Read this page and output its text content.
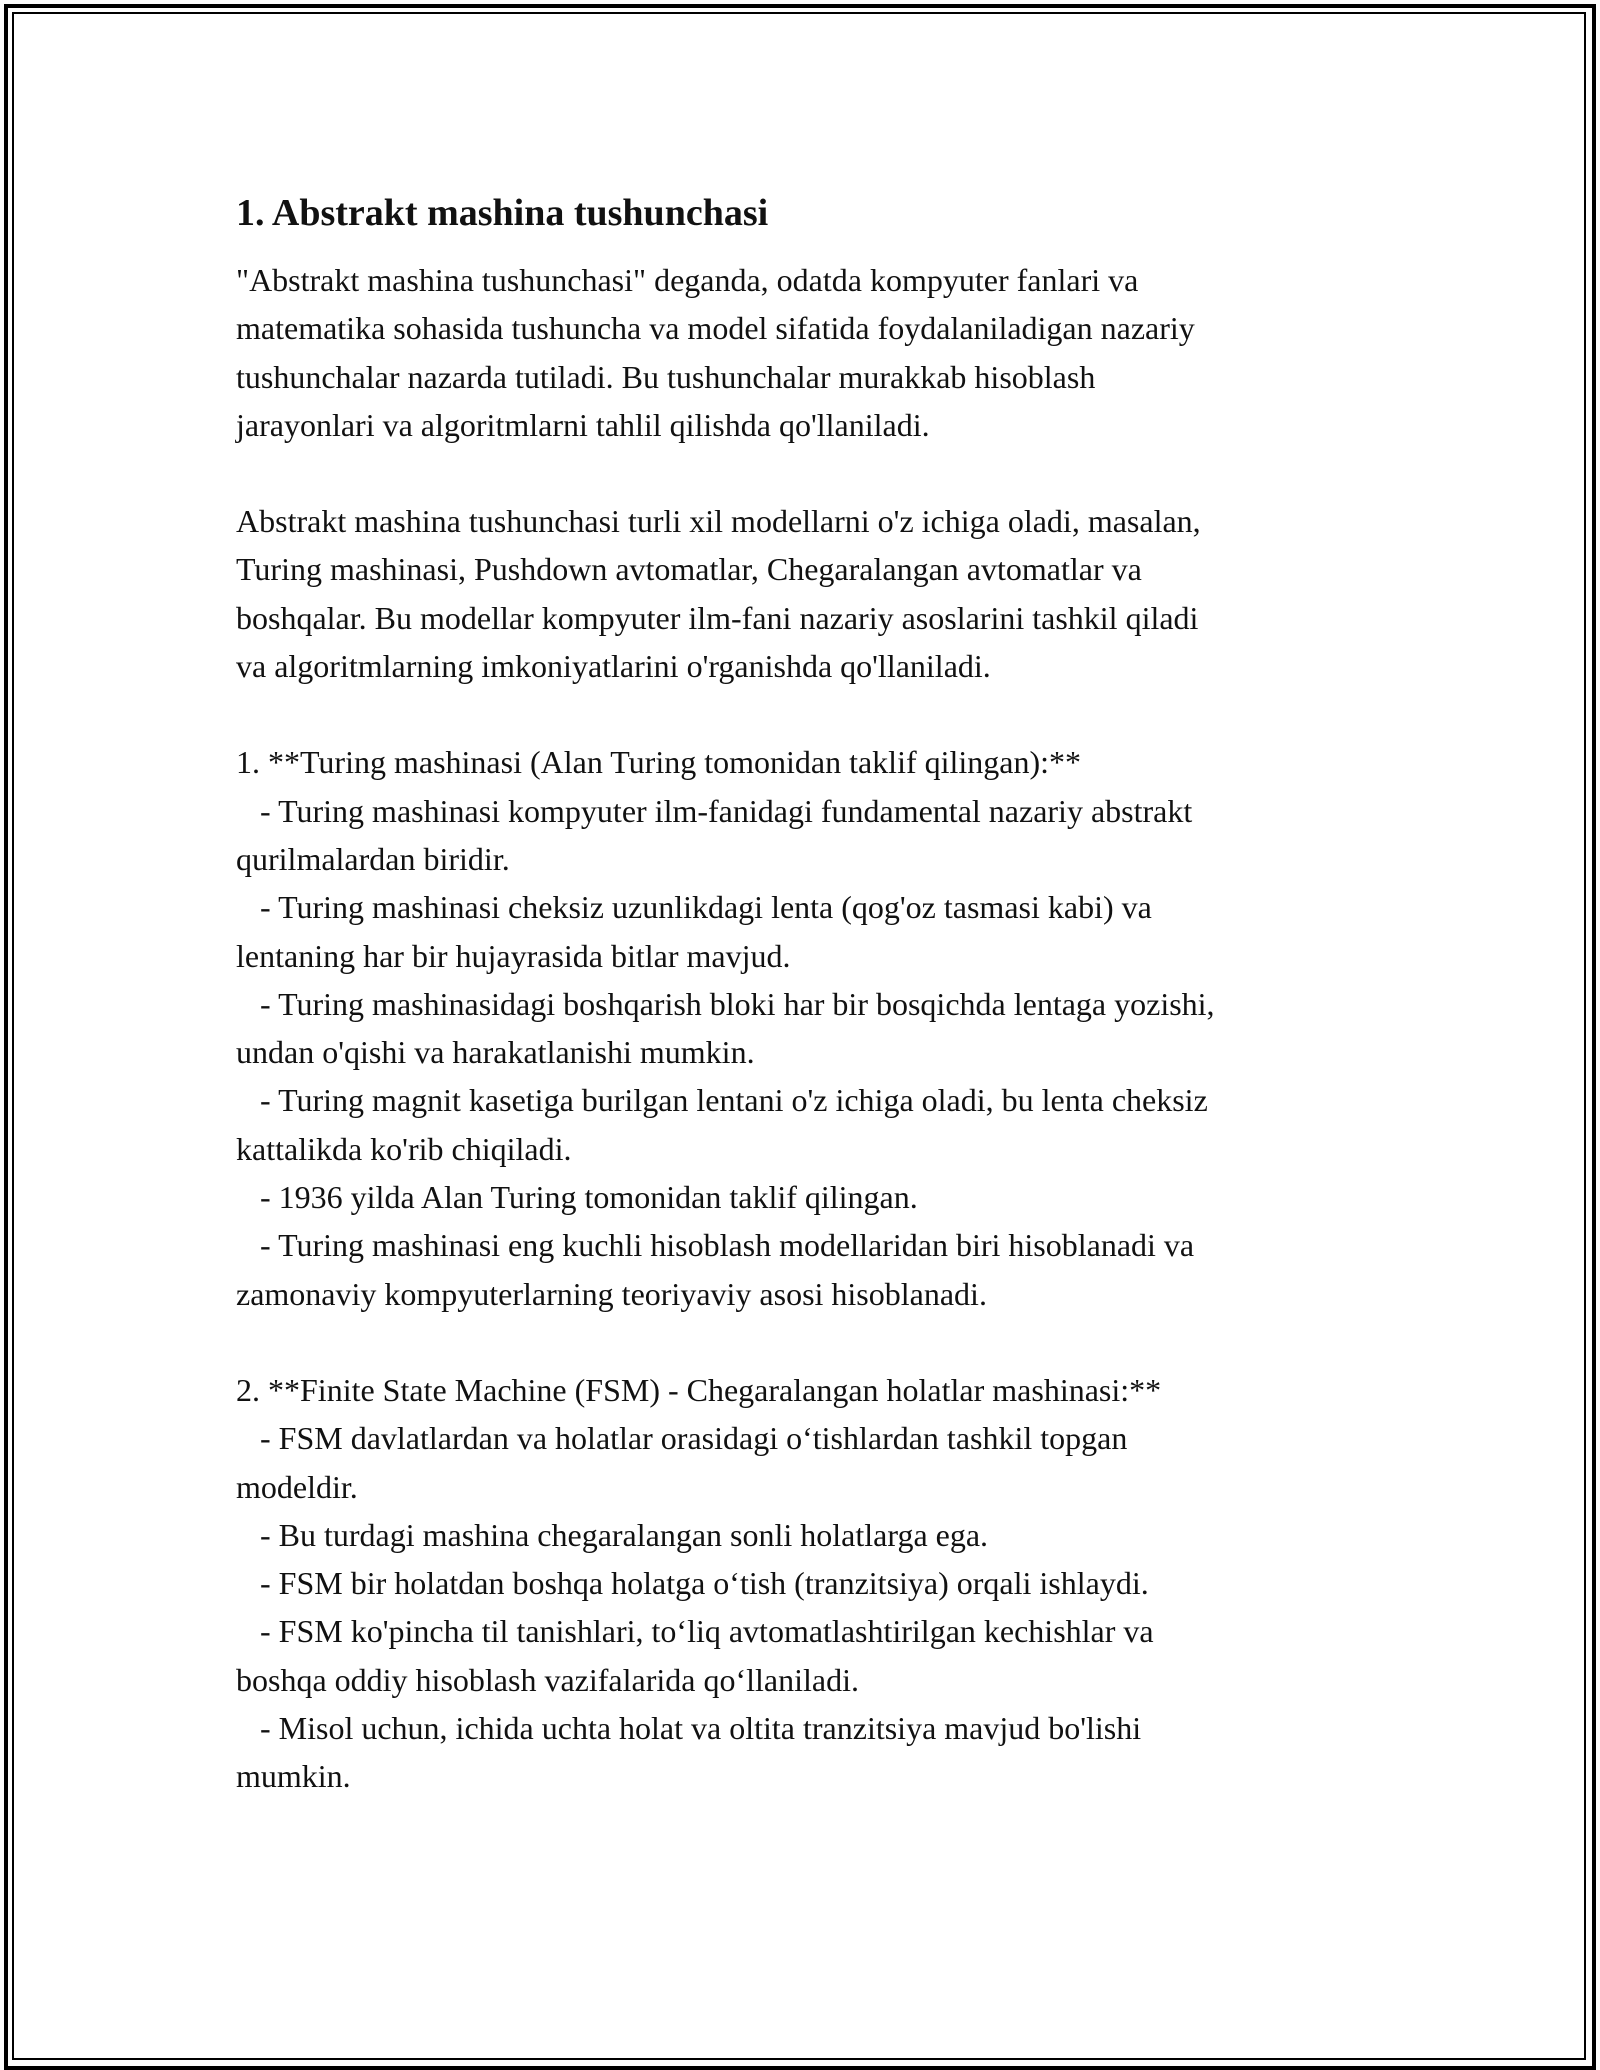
1. Abstrakt mashina tushunchasi

"Abstrakt mashina tushunchasi" deganda, odatda kompyuter fanlari va
matematika sohasida tushuncha va model sifatida foydalaniladigan nazariy
tushunchalar nazarda tutiladi. Bu tushunchalar murakkab hisoblash
jarayonlari va algoritmlarni tahlil qilishda qo'llaniladi.

Abstrakt mashina tushunchasi turli xil modellarni o'z ichiga oladi, masalan,
Turing mashinasi, Pushdown avtomatlar, Chegaralangan avtomatlar va
boshqalar. Bu modellar kompyuter ilm-fani nazariy asoslarini tashkil qiladi
va algoritmlarning imkoniyatlarini o'rganishda qo'llaniladi.

1. **Turing mashinasi (Alan Turing tomonidan taklif qilingan):**
- Turing mashinasi kompyuter ilm-fanidagi fundamental nazariy abstrakt
qurilmalardan biridir.
- Turing mashinasi cheksiz uzunlikdagi lenta (qog'oz tasmasi kabi) va
lentaning har bir hujayrasida bitlar mavjud.
- Turing mashinasidagi boshqarish bloki har bir bosqichda lentaga yozishi,
undan o'qishi va harakatlanishi mumkin.
- Turing magnit kasetiga burilgan lentani o'z ichiga oladi, bu lenta cheksiz
kattalikda ko'rib chiqiladi.
- 1936 yilda Alan Turing tomonidan taklif qilingan.
- Turing mashinasi eng kuchli hisoblash modellaridan biri hisoblanadi va
zamonaviy kompyuterlarning teoriyaviy asosi hisoblanadi.

2. **Finite State Machine (FSM) - Chegaralangan holatlar mashinasi:**
- FSM davlatlardan va holatlar orasidagi o‘tishlardan tashkil topgan
modeldir.
- Bu turdagi mashina chegaralangan sonli holatlarga ega.
- FSM bir holatdan boshqa holatga o‘tish (tranzitsiya) orqali ishlaydi.
- FSM ko'pincha til tanishlari, to‘liq avtomatlashtirilgan kechishlar va
boshqa oddiy hisoblash vazifalarida qo‘llaniladi.
- Misol uchun, ichida uchta holat va oltita tranzitsiya mavjud bo'lishi
mumkin.
